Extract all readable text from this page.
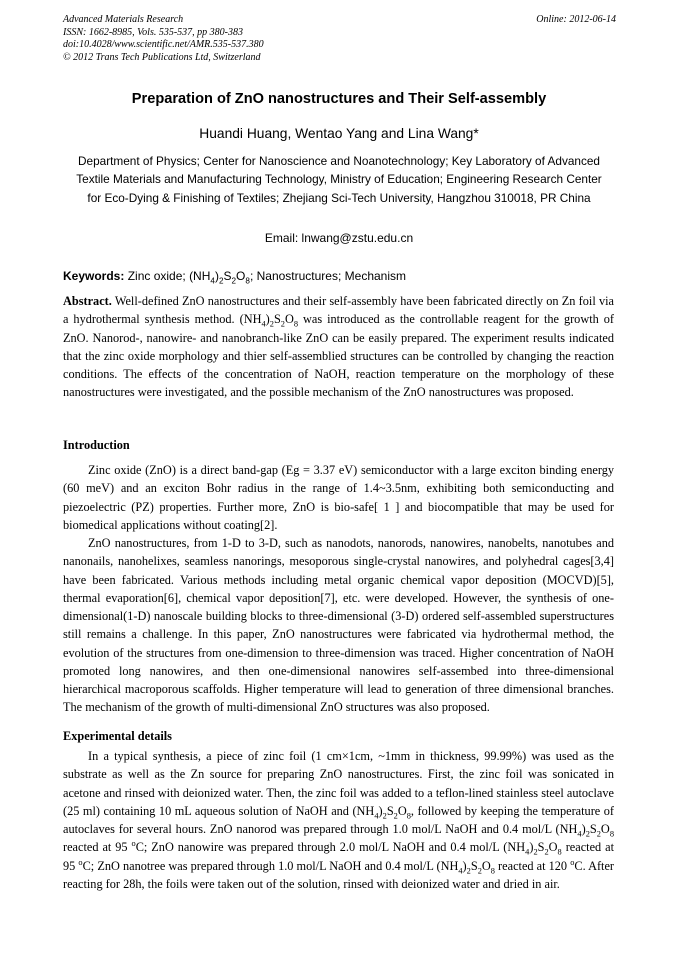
Advanced Materials Research
ISSN: 1662-8985, Vols. 535-537, pp 380-383
doi:10.4028/www.scientific.net/AMR.535-537.380
© 2012 Trans Tech Publications Ltd, Switzerland
Online: 2012-06-14
Preparation of ZnO nanostructures and Their Self-assembly
Huandi Huang, Wentao Yang and Lina Wang*
Department of Physics; Center for Nanoscience and Noanotechnology; Key Laboratory of Advanced Textile Materials and Manufacturing Technology, Ministry of Education; Engineering Research Center for Eco-Dying & Finishing of Textiles; Zhejiang Sci-Tech University, Hangzhou 310018, PR China
Email: lnwang@zstu.edu.cn
Keywords: Zinc oxide; $(NH_4)_2S_2O_8$; Nanostructures; Mechanism

Abstract. Well-defined ZnO nanostructures and their self-assembly have been fabricated directly on Zn foil via a hydrothermal synthesis method. $(NH_4)_2S_2O_8$ was introduced as the controllable reagent for the growth of ZnO. Nanorod-, nanowire- and nanobranch-like ZnO can be easily prepared. The experiment results indicated that the zinc oxide morphology and thier self-assemblied structures can be controlled by changing the reaction conditions. The effects of the concentration of NaOH, reaction temperature on the morphology of these nanostructures were investigated, and the possible mechanism of the ZnO nanostructures was proposed.

Introduction

Zinc oxide (ZnO) is a direct band-gap (Eg = 3.37 eV) semiconductor with a large exciton binding energy (60 meV) and an exciton Bohr radius in the range of 1.4~3.5nm, exhibiting both semiconducting and piezoelectric (PZ) properties. Further more, ZnO is bio-safe[ 1 ] and biocompatible that may be used for biomedical applications without coating[2].

ZnO nanostructures, from 1-D to 3-D, such as nanodots, nanorods, nanowires, nanobelts, nanotubes and nanonails, nanohelixes, seamless nanorings, mesoporous single-crystal nanowires, and polyhedral cages[3,4] have been fabricated. Various methods including metal organic chemical vapor deposition (MOCVD)[5], thermal evaporation[6], chemical vapor deposition[7], etc. were developed. However, the synthesis of one-dimensional(1-D) nanoscale building blocks to three-dimensional (3-D) ordered self-assembled superstructures still remains a challenge. In this paper, ZnO nanostructures were fabricated via hydrothermal method, the evolution of the structures from one-dimension to three-dimension was traced. Higher concentration of NaOH promoted long nanowires, and then one-dimensional nanowires self-assembed into three-dimensional hierarchical macroporous scaffolds. Higher temperature will lead to generation of three dimensional branches. The mechanism of the growth of multi-dimensional ZnO structures was also proposed.

Experimental details

In a typical synthesis, a piece of zinc foil (1 cm×1cm, ~1mm in thickness, 99.99%) was used as the substrate as well as the Zn source for preparing ZnO nanostructures. First, the zinc foil was sonicated in acetone and rinsed with deionized water. Then, the zinc foil was added to a teflon-lined stainless steel autoclave (25 ml) containing 10 mL aqueous solution of NaOH and $(NH_4)_2S_2O_8$, followed by keeping the temperature of autoclaves for several hours. ZnO nanorod was prepared through 1.0 mol/L NaOH and 0.4 mol/L $(NH_4)_2S_2O_8$ reacted at 95 $^o$C; ZnO nanowire was prepared through 2.0 mol/L NaOH and 0.4 mol/L $(NH_4)_2S_2O_8$ reacted at 95 $^o$C; ZnO nanotree was prepared through 1.0 mol/L NaOH and 0.4 mol/L $(NH_4)_2S_2O_8$ reacted at 120 $^o$C. After reacting for 28h, the foils were taken out of the solution, rinsed with deionized water and dried in air.
